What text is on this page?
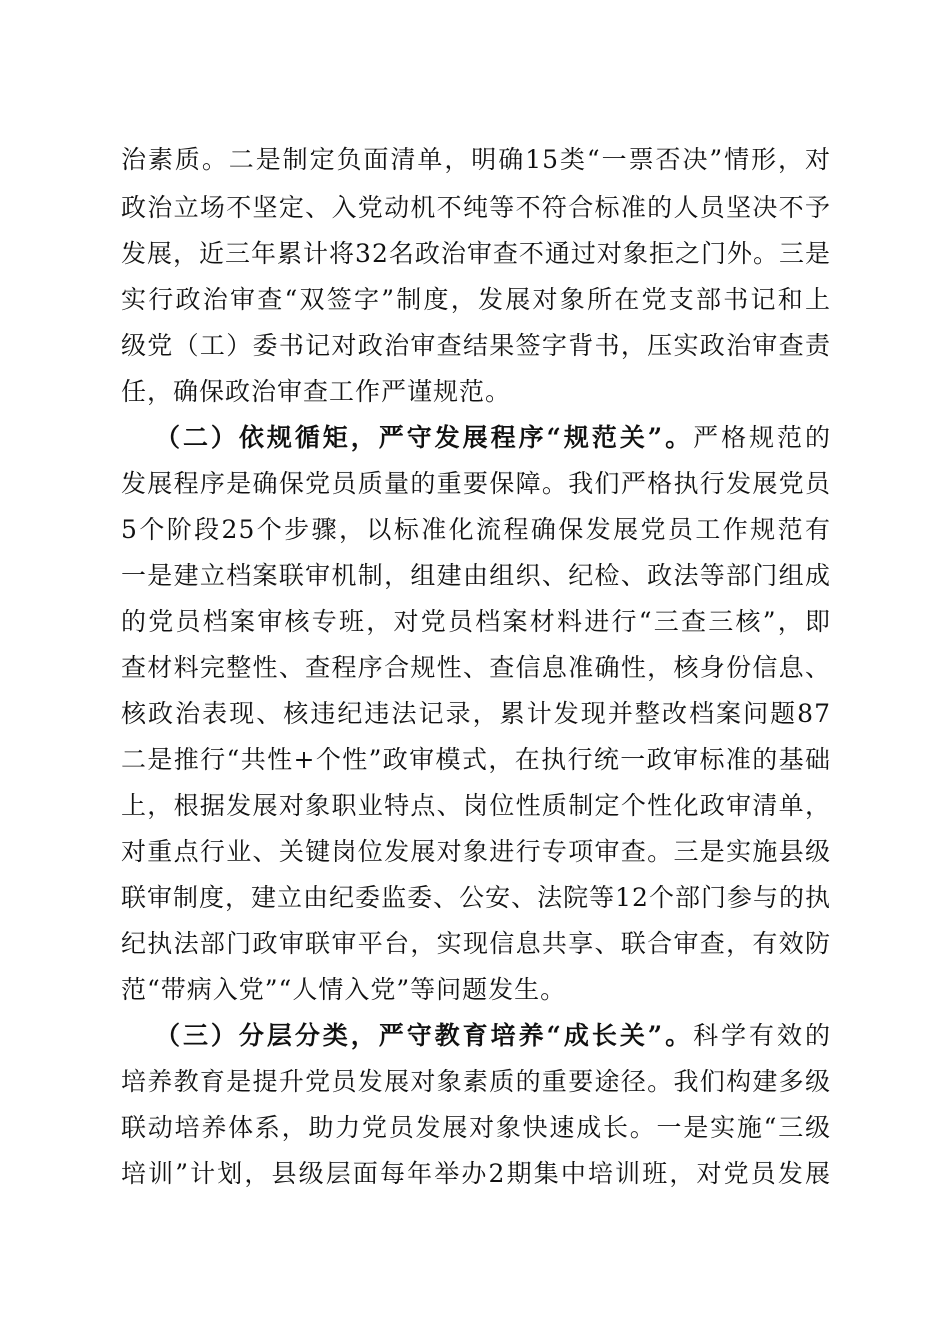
治素质。二是制定负面清单，明确15类“一票否决”情形，对
政治立场不坚定、入党动机不纯等不符合标准的人员坚决不予
发展，近三年累计将32名政治审查不通过对象拒之门外。三是
实行政治审查“双签字”制度，发展对象所在党支部书记和上
级党（工）委书记对政治审查结果签字背书，压实政治审查责
任，确保政治审查工作严谨规范。
（二）依规循矩，严守发展程序“规范关”。严格规范的
发展程序是确保党员质量的重要保障。我们严格执行发展党员
5个阶段25个步骤，以标准化流程确保发展党员工作规范有
一是建立档案联审机制，组建由组织、纪检、政法等部门组成
的党员档案审核专班，对党员档案材料进行“三查三核”，即
查材料完整性、查程序合规性、查信息准确性，核身份信息、
核政治表现、核违纪违法记录，累计发现并整改档案问题87
二是推行“共性+个性”政审模式，在执行统一政审标准的基础
上，根据发展对象职业特点、岗位性质制定个性化政审清单，
对重点行业、关键岗位发展对象进行专项审查。三是实施县级
联审制度，建立由纪委监委、公安、法院等12个部门参与的执
纪执法部门政审联审平台，实现信息共享、联合审查，有效防
范“带病入党”“人情入党”等问题发生。
（三）分层分类，严守教育培养“成长关”。科学有效的
培养教育是提升党员发展对象素质的重要途径。我们构建多级
联动培养体系，助力党员发展对象快速成长。一是实施“三级
培训”计划，县级层面每年举办2期集中培训班，对党员发展
